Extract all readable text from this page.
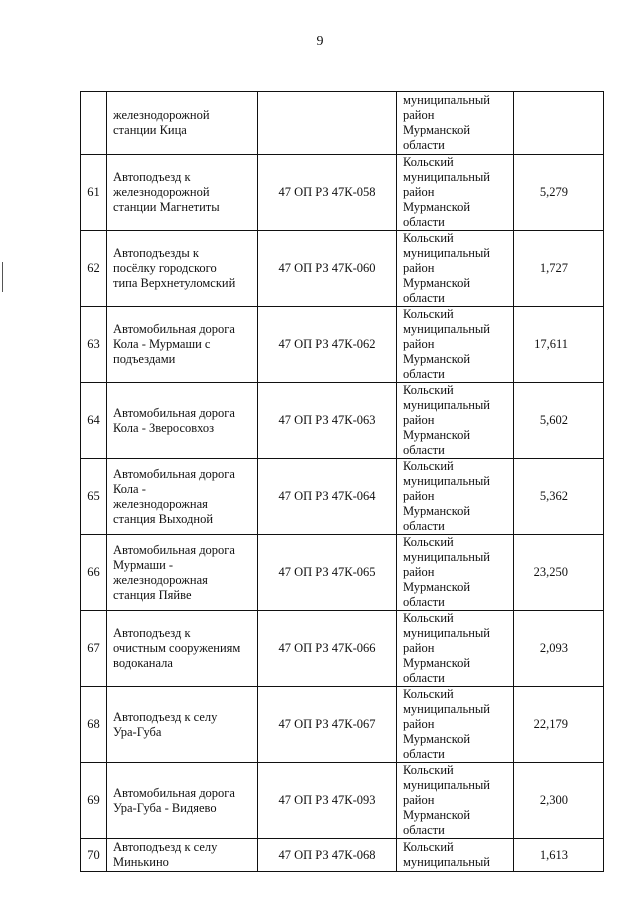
9
	железнодорожной
станции Кица		муниципальный
район
Мурманской
области	
61	Автоподъезд к
железнодорожной
станции Магнетиты	47 ОП РЗ 47К-058	Кольский
муниципальный
район
Мурманской
области	5,279
62	Автоподъезды к
посёлку городского
типа Верхнетуломский	47 ОП РЗ 47К-060	Кольский
муниципальный
район
Мурманской
области	1,727
63	Автомобильная дорога
Кола - Мурмаши с
подъездами	47 ОП РЗ 47К-062	Кольский
муниципальный
район
Мурманской
области	17,611
64	Автомобильная дорога
Кола - Зверосовхоз	47 ОП РЗ 47К-063	Кольский
муниципальный
район
Мурманской
области	5,602
65	Автомобильная дорога
Кола -
железнодорожная
станция Выходной	47 ОП РЗ 47К-064	Кольский
муниципальный
район
Мурманской
области	5,362
66	Автомобильная дорога
Мурмаши -
железнодорожная
станция Пяйве	47 ОП РЗ 47К-065	Кольский
муниципальный
район
Мурманской
области	23,250
67	Автоподъезд к
очистным сооружениям
водоканала	47 ОП РЗ 47К-066	Кольский
муниципальный
район
Мурманской
области	2,093
68	Автоподъезд к селу
Ура-Губа	47 ОП РЗ 47К-067	Кольский
муниципальный
район
Мурманской
области	22,179
69	Автомобильная дорога
Ура-Губа - Видяево	47 ОП РЗ 47К-093	Кольский
муниципальный
район
Мурманской
области	2,300
70	Автоподъезд к селу
Минькино	47 ОП РЗ 47К-068	Кольский
муниципальный	1,613
